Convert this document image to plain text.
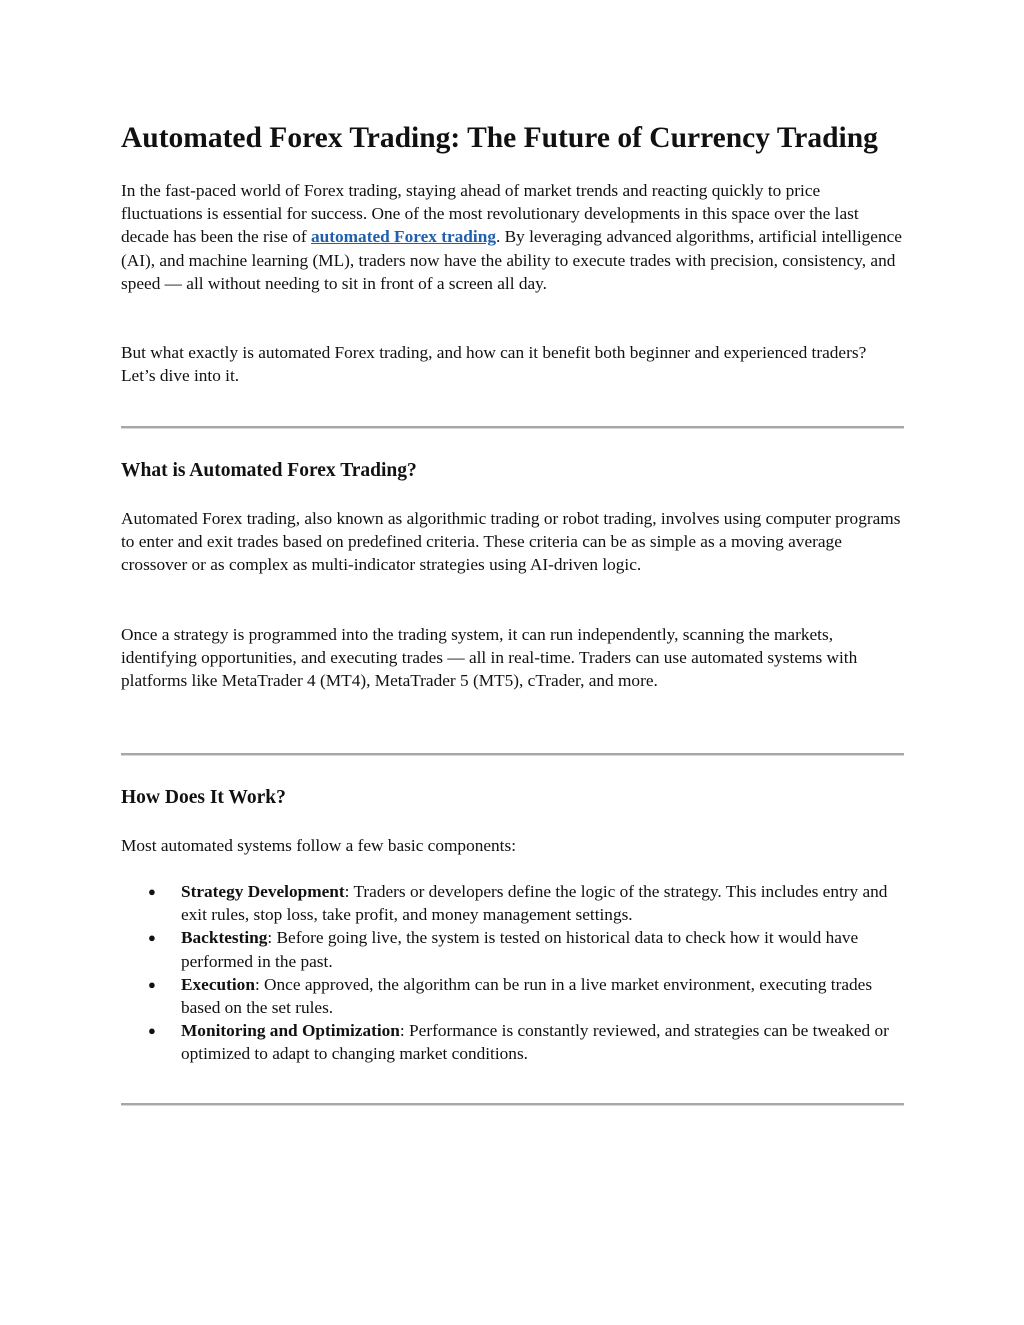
Automated Forex Trading: The Future of Currency Trading

In the fast-paced world of Forex trading, staying ahead of market trends and reacting quickly to price fluctuations is essential for success. One of the most revolutionary developments in this space over the last decade has been the rise of automated Forex trading. By leveraging advanced algorithms, artificial intelligence (AI), and machine learning (ML), traders now have the ability to execute trades with precision, consistency, and speed — all without needing to sit in front of a screen all day.

But what exactly is automated Forex trading, and how can it benefit both beginner and experienced traders? Let’s dive into it.

What is Automated Forex Trading?

Automated Forex trading, also known as algorithmic trading or robot trading, involves using computer programs to enter and exit trades based on predefined criteria. These criteria can be as simple as a moving average crossover or as complex as multi-indicator strategies using AI-driven logic.

Once a strategy is programmed into the trading system, it can run independently, scanning the markets, identifying opportunities, and executing trades — all in real-time. Traders can use automated systems with platforms like MetaTrader 4 (MT4), MetaTrader 5 (MT5), cTrader, and more.

How Does It Work?

Most automated systems follow a few basic components:

● Strategy Development: Traders or developers define the logic of the strategy. This includes entry and exit rules, stop loss, take profit, and money management settings.
● Backtesting: Before going live, the system is tested on historical data to check how it would have performed in the past.
● Execution: Once approved, the algorithm can be run in a live market environment, executing trades based on the set rules.
● Monitoring and Optimization: Performance is constantly reviewed, and strategies can be tweaked or optimized to adapt to changing market conditions.
